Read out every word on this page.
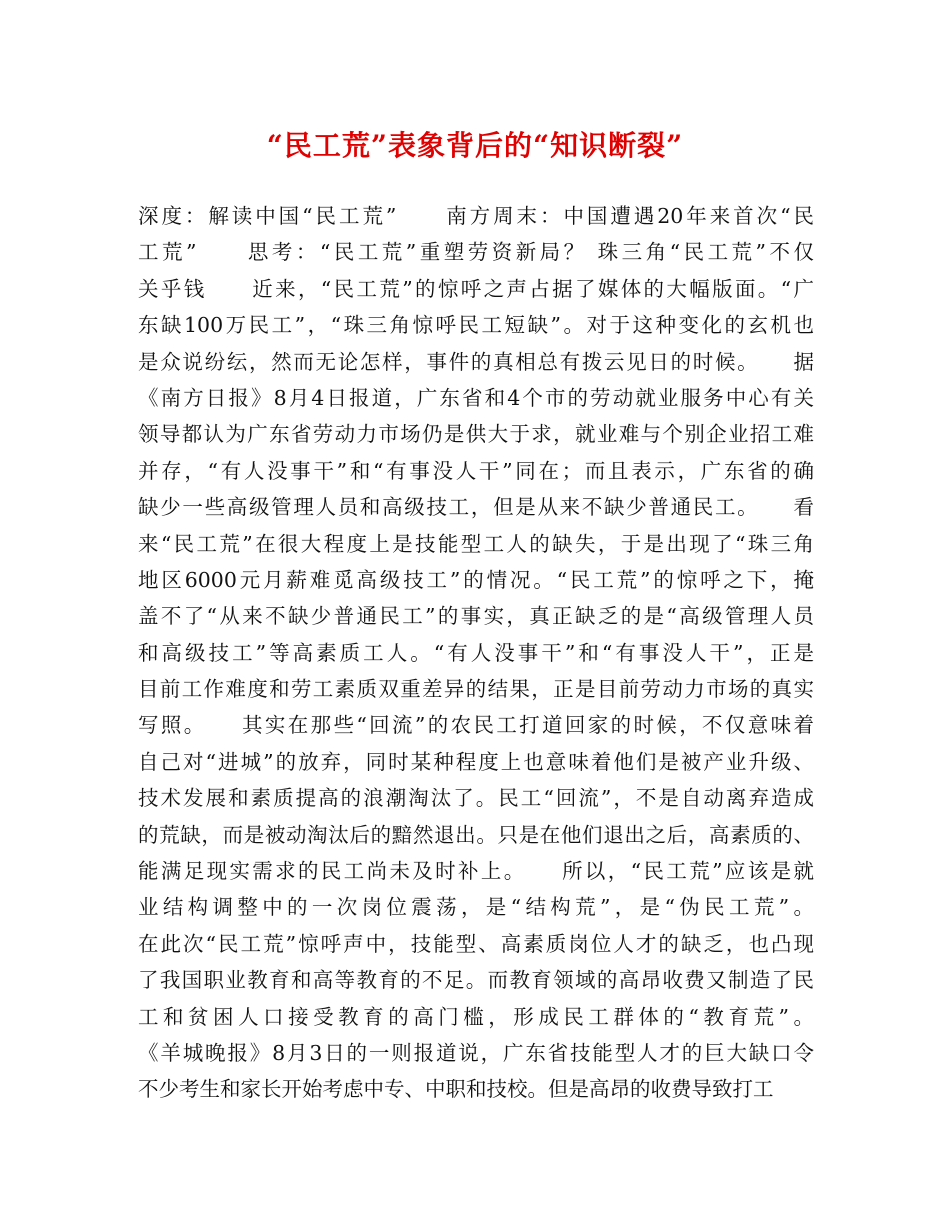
“民工荒”表象背后的“知识断裂”
深度：解读中国“民工荒”　　南方周末：中国遭遇20年来首次“民
工荒”　　思考：“民工荒”重塑劳资新局？ 珠三角“民工荒”不仅
关乎钱　　近来，“民工荒”的惊呼之声占据了媒体的大幅版面。“广
东缺100万民工”，“珠三角惊呼民工短缺”。对于这种变化的玄机也
是众说纷纭，然而无论怎样，事件的真相总有拨云见日的时候。　　据
《南方日报》8月4日报道，广东省和4个市的劳动就业服务中心有关
领导都认为广东省劳动力市场仍是供大于求，就业难与个别企业招工难
并存，“有人没事干”和“有事没人干”同在；而且表示，广东省的确
缺少一些高级管理人员和高级技工，但是从来不缺少普通民工。　　看
来“民工荒”在很大程度上是技能型工人的缺失，于是出现了“珠三角
地区6000元月薪难觅高级技工”的情况。“民工荒”的惊呼之下，掩
盖不了“从来不缺少普通民工”的事实，真正缺乏的是“高级管理人员
和高级技工”等高素质工人。“有人没事干”和“有事没人干”，正是
目前工作难度和劳工素质双重差异的结果，正是目前劳动力市场的真实
写照。　　其实在那些“回流”的农民工打道回家的时候，不仅意味着
自己对“进城”的放弃，同时某种程度上也意味着他们是被产业升级、
技术发展和素质提高的浪潮淘汰了。民工“回流”，不是自动离弃造成
的荒缺，而是被动淘汰后的黯然退出。只是在他们退出之后，高素质的、
能满足现实需求的民工尚未及时补上。　　所以，“民工荒”应该是就
业结构调整中的一次岗位震荡，是“结构荒”，是“伪民工荒”。
在此次“民工荒”惊呼声中，技能型、高素质岗位人才的缺乏，也凸现
了我国职业教育和高等教育的不足。而教育领域的高昂收费又制造了民
工和贫困人口接受教育的高门槛，形成民工群体的“教育荒”。
《羊城晚报》8月3日的一则报道说，广东省技能型人才的巨大缺口令
不少考生和家长开始考虑中专、中职和技校。但是高昂的收费导致打工
